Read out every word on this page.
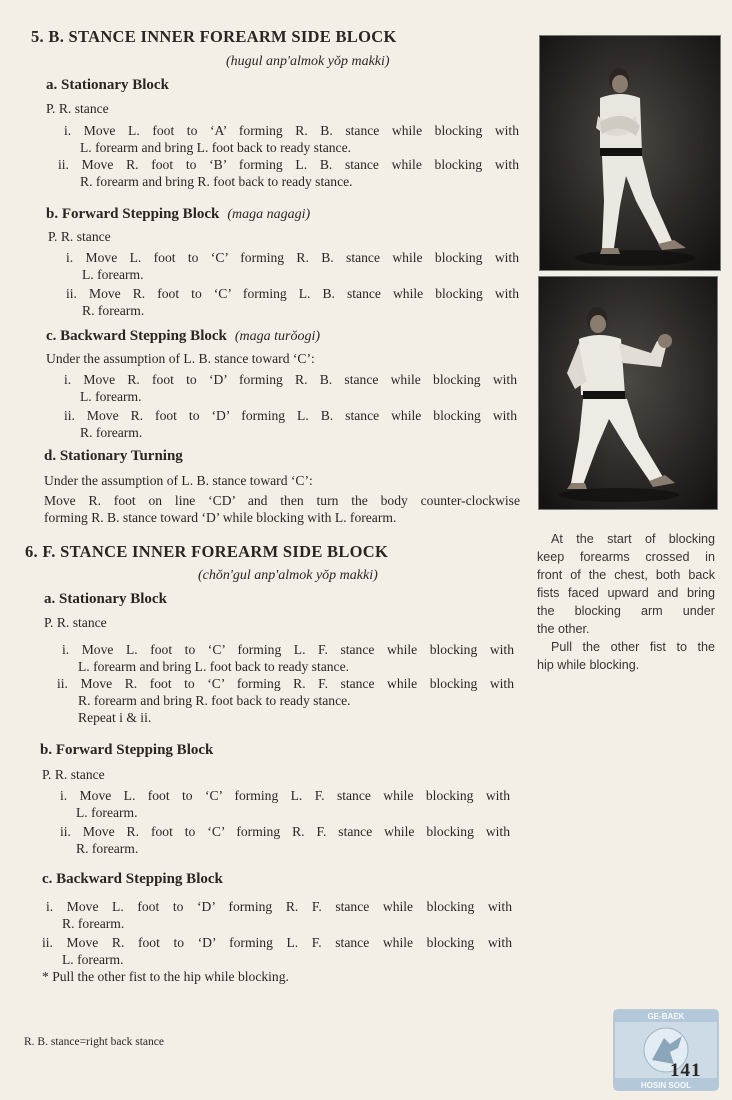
5. B. STANCE INNER FOREARM SIDE BLOCK
(hugul anp'almok yŏp makki)
a. Stationary Block
P. R. stance
i. Move L. foot to ‘A’ forming R. B. stance while blocking with
L. forearm and bring L. foot back to ready stance.
ii. Move R. foot to ‘B’ forming L. B. stance while blocking with
R. forearm and bring R. foot back to ready stance.
b. Forward Stepping Block (maga nagagi)
P. R. stance
i. Move L. foot to ‘C’ forming R. B. stance while blocking with
L. forearm.
ii. Move R. foot to ‘C’ forming L. B. stance while blocking with
R. forearm.
c. Backward Stepping Block (maga turŏogi)
Under the assumption of L. B. stance toward ‘C’:
i. Move R. foot to ‘D’ forming R. B. stance while blocking with
L. forearm.
ii. Move R. foot to ‘D’ forming L. B. stance while blocking with
R. forearm.
d. Stationary Turning
Under the assumption of L. B. stance toward ‘C’:
Move R. foot on line ‘CD’ and then turn the body counter-clockwise
forming R. B. stance toward ‘D’ while blocking with L. forearm.
6. F. STANCE INNER FOREARM SIDE BLOCK
(chŏn'gul anp'almok yŏp makki)
a. Stationary Block
P. R. stance
i. Move L. foot to ‘C’ forming L. F. stance while blocking with
L. forearm and bring L. foot back to ready stance.
ii. Move R. foot to ‘C’ forming R. F. stance while blocking with
R. forearm and bring R. foot back to ready stance.
Repeat i & ii.
b. Forward Stepping Block
P. R. stance
i. Move L. foot to ‘C’ forming L. F. stance while blocking with
L. forearm.
ii. Move R. foot to ‘C’ forming R. F. stance while blocking with
R. forearm.
c. Backward Stepping Block
i. Move L. foot to ‘D’ forming R. F. stance while blocking with
R. forearm.
ii. Move R. foot to ‘D’ forming L. F. stance while blocking with
L. forearm.
* Pull the other fist to the hip while blocking.
At the start of blocking
keep forearms crossed in
front of the chest, both back
fists faced upward and bring
the blocking arm under
the other.
Pull the other fist to the
hip while blocking.
R. B. stance=right back stance
GE-BAEK
HOSIN SOOL
141
